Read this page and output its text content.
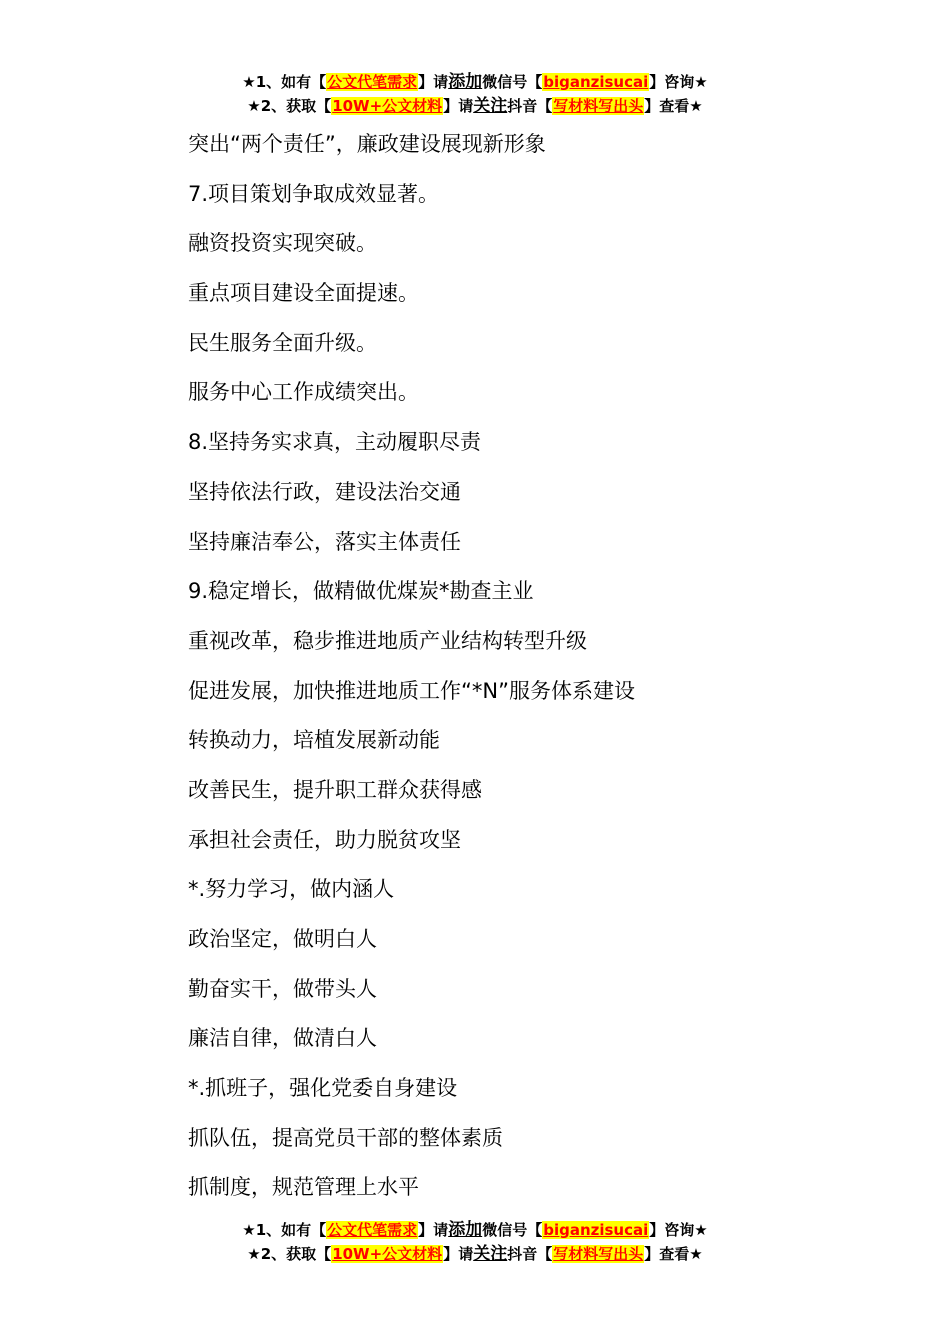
★1、如有【公文代笔需求】请添加微信号【biganzisucai】咨询★
★2、获取【10W+公文材料】请关注抖音【写材料写出头】查看★
突出“两个责任”，廉政建设展现新形象
7.项目策划争取成效显著。
融资投资实现突破。
重点项目建设全面提速。
民生服务全面升级。
服务中心工作成绩突出。
8.坚持务实求真，主动履职尽责
坚持依法行政，建设法治交通
坚持廉洁奉公，落实主体责任
9.稳定增长，做精做优煤炭*勘查主业
重视改革，稳步推进地质产业结构转型升级
促进发展，加快推进地质工作“*N”服务体系建设
转换动力，培植发展新动能
改善民生，提升职工群众获得感
承担社会责任，助力脱贫攻坚
*.努力学习，做内涵人
政治坚定，做明白人
勤奋实干，做带头人
廉洁自律，做清白人
*.抓班子，强化党委自身建设
抓队伍，提高党员干部的整体素质
抓制度，规范管理上水平
★1、如有【公文代笔需求】请添加微信号【biganzisucai】咨询★
★2、获取【10W+公文材料】请关注抖音【写材料写出头】查看★
